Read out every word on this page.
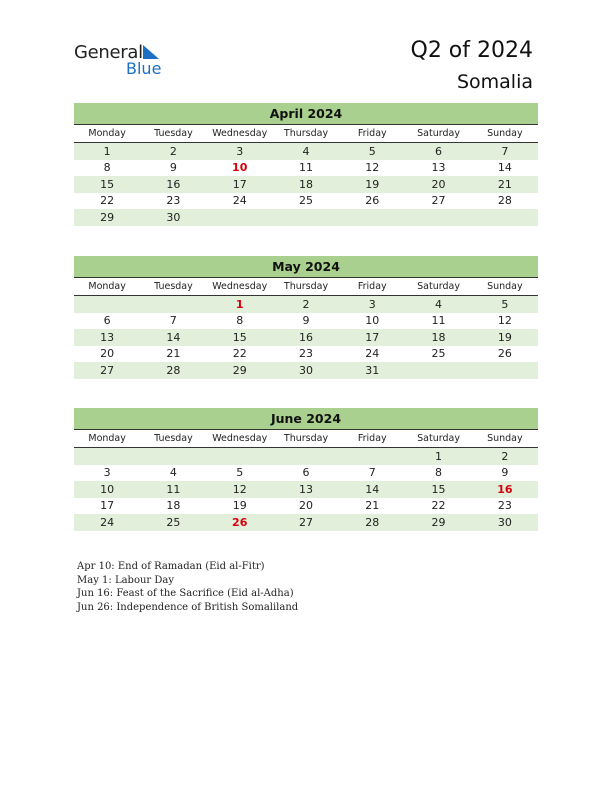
General
Blue
Q2 of 2024
Somalia
April 2024
Monday	Tuesday	Wednesday	Thursday	Friday	Saturday	Sunday
1	2	3	4	5	6	7
8	9	10	11	12	13	14
15	16	17	18	19	20	21
22	23	24	25	26	27	28
29	30					
May 2024
Monday	Tuesday	Wednesday	Thursday	Friday	Saturday	Sunday
		1	2	3	4	5
6	7	8	9	10	11	12
13	14	15	16	17	18	19
20	21	22	23	24	25	26
27	28	29	30	31		
June 2024
Monday	Tuesday	Wednesday	Thursday	Friday	Saturday	Sunday
					1	2
3	4	5	6	7	8	9
10	11	12	13	14	15	16
17	18	19	20	21	22	23
24	25	26	27	28	29	30
Apr 10: End of Ramadan (Eid al-Fitr)
May 1: Labour Day
Jun 16: Feast of the Sacrifice (Eid al-Adha)
Jun 26: Independence of British Somaliland
